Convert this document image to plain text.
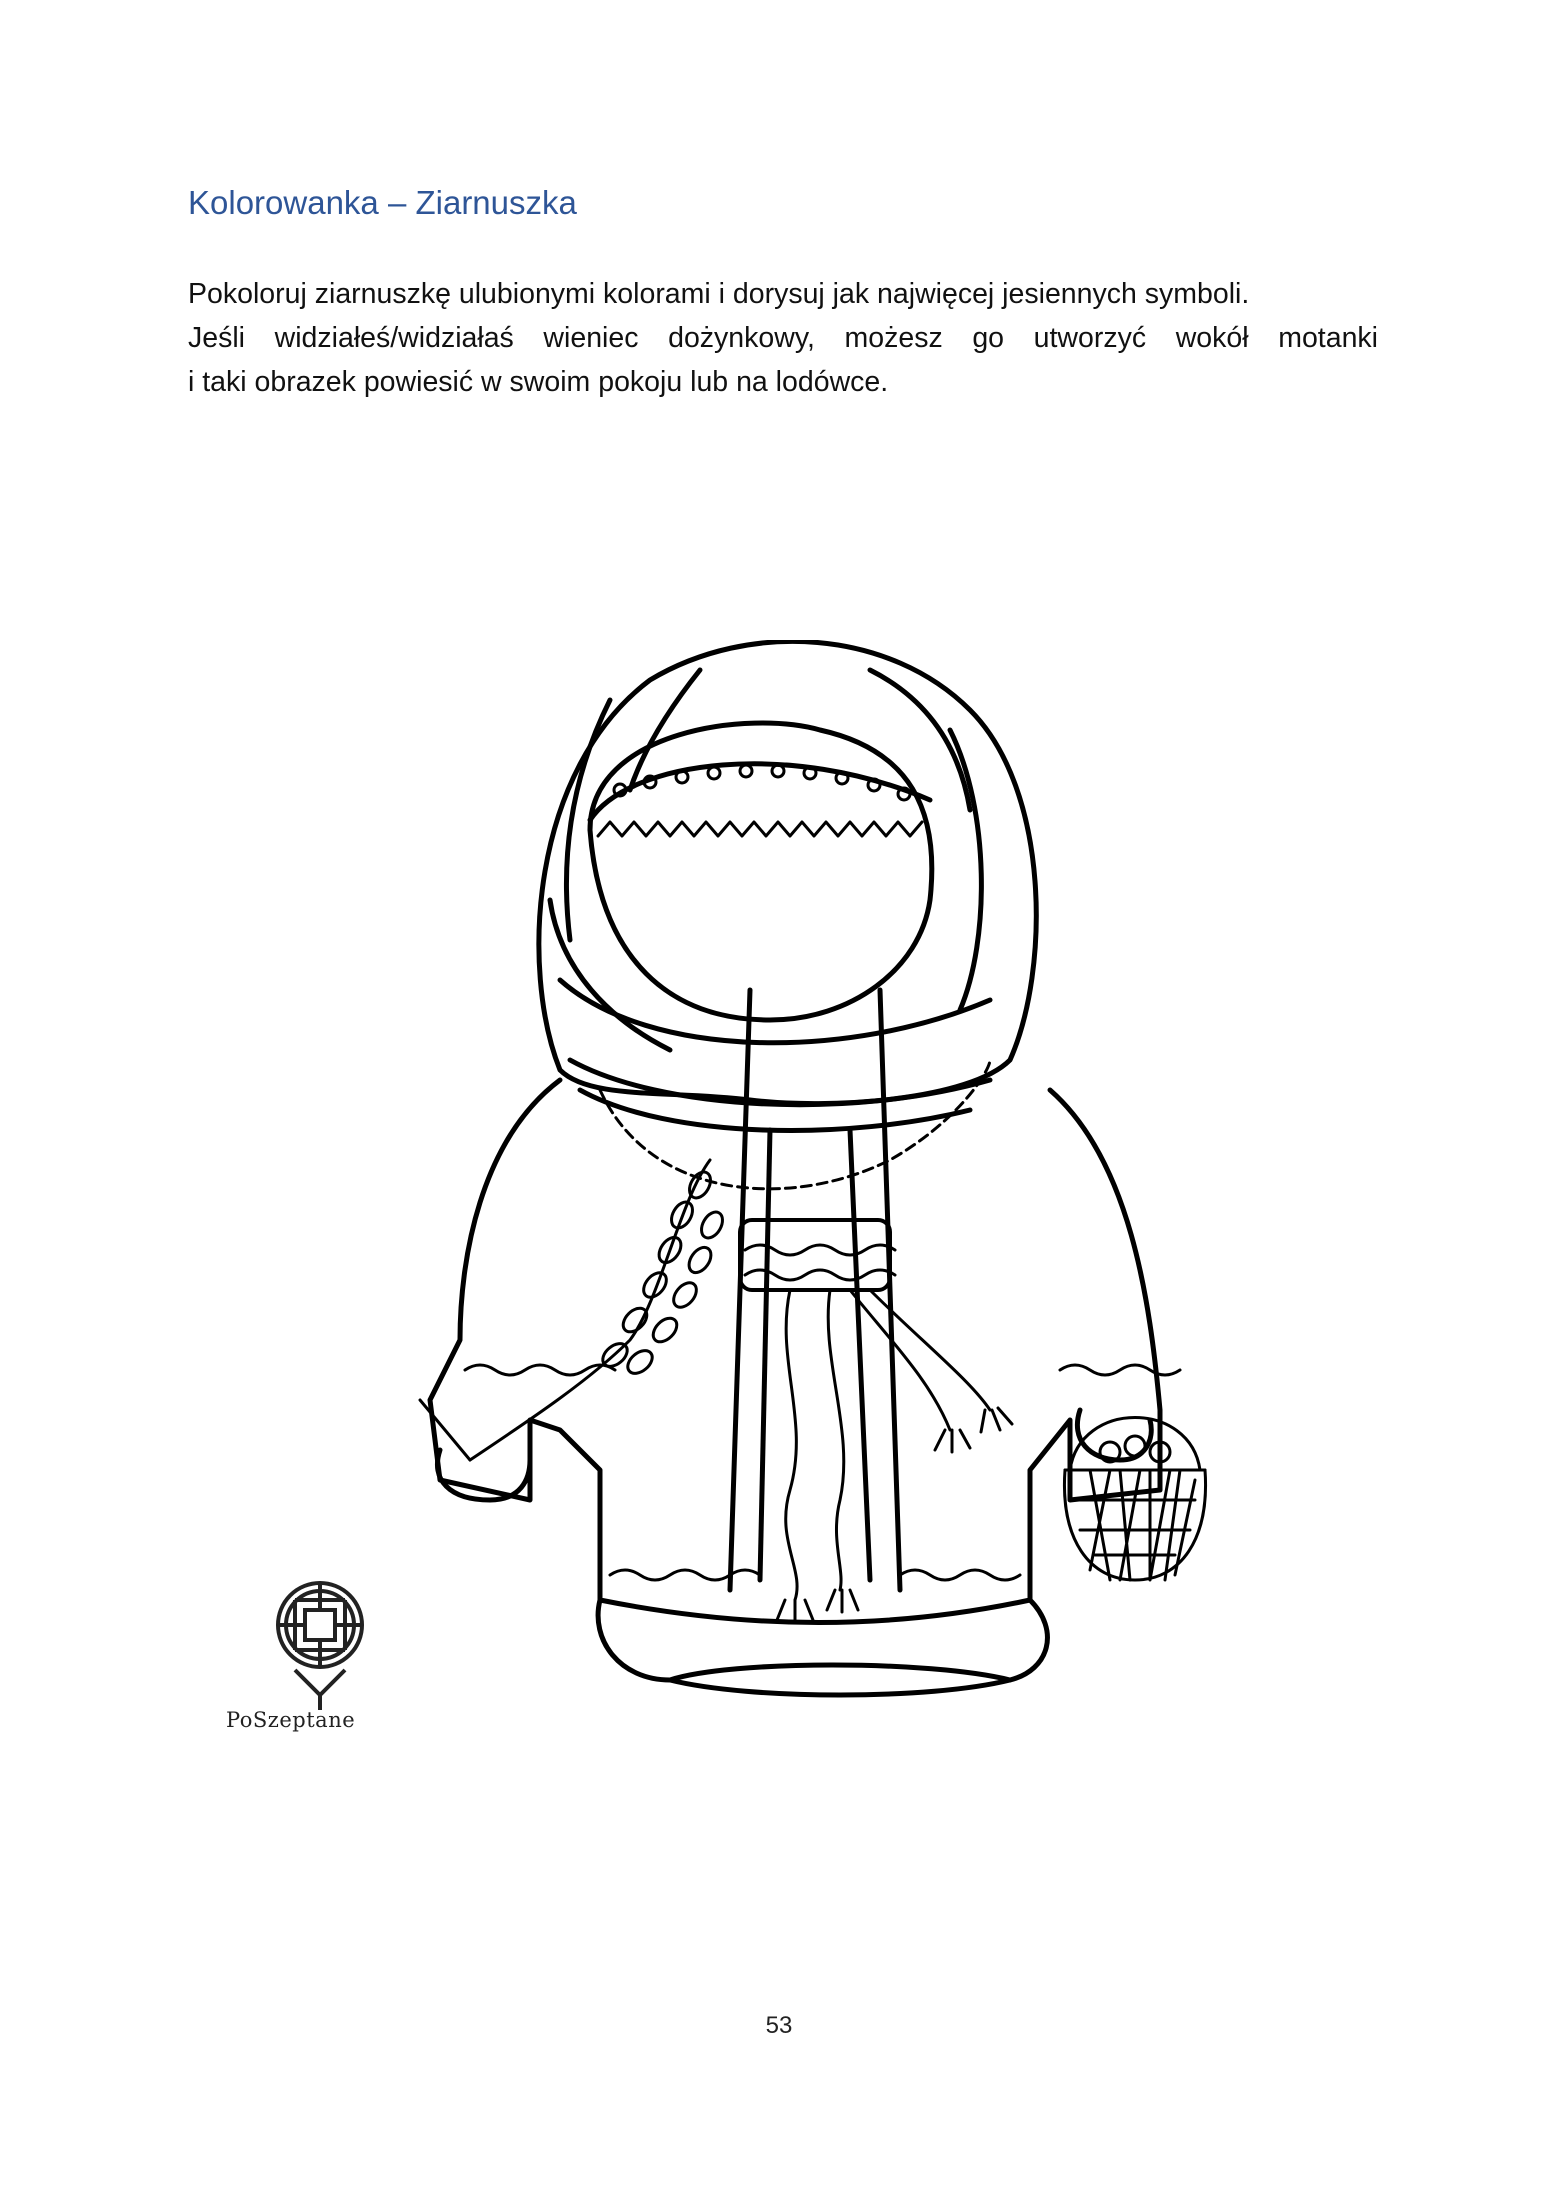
Kolorowanka – Ziarnuszka

Pokoloruj ziarnuszkę ulubionymi kolorami i dorysuj jak najwięcej jesiennych symboli.

Jeśli widziałeś/widziałaś wieniec dożynkowy, możesz go utworzyć wokół motanki

i taki obrazek powiesić w swoim pokoju lub na lodówce.

PoSzeptane
53
